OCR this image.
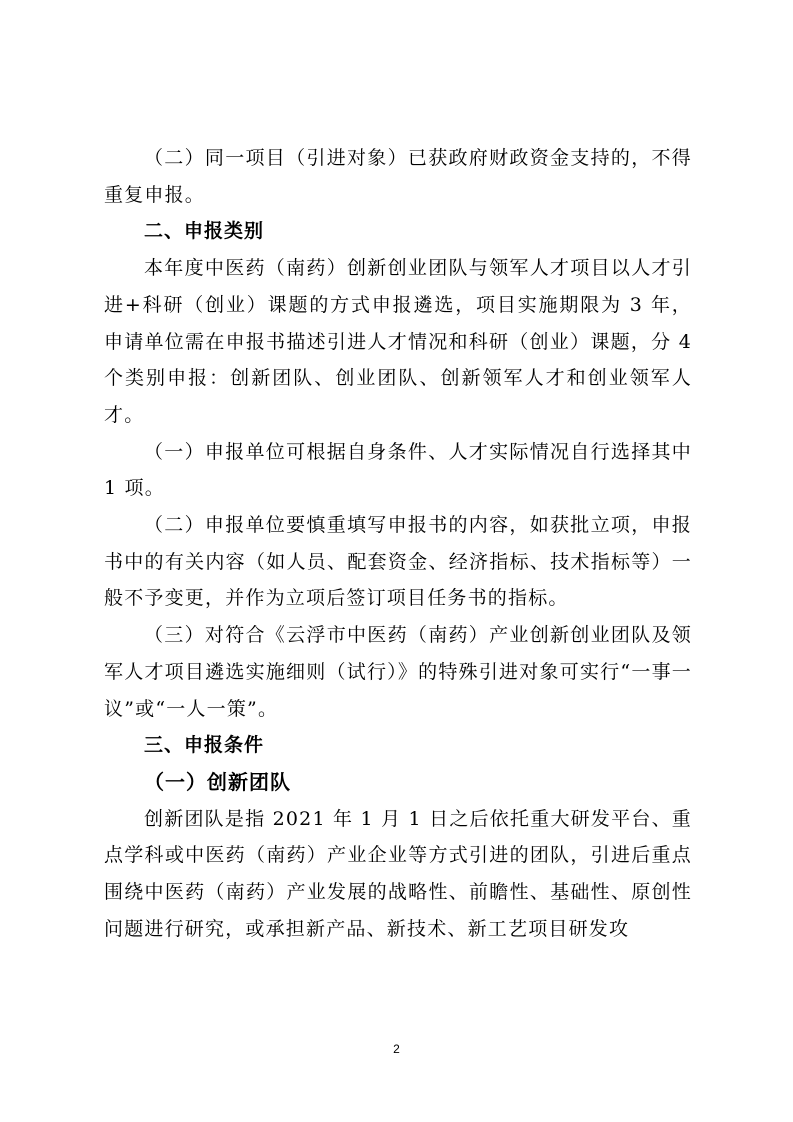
（二）同一项目（引进对象）已获政府财政资金支持的，不得重复申报。

二、申报类别

本年度中医药（南药）创新创业团队与领军人才项目以人才引进+科研（创业）课题的方式申报遴选，项目实施期限为 3 年，申请单位需在申报书描述引进人才情况和科研（创业）课题，分 4 个类别申报：创新团队、创业团队、创新领军人才和创业领军人才。

（一）申报单位可根据自身条件、人才实际情况自行选择其中 1 项。

（二）申报单位要慎重填写申报书的内容，如获批立项，申报书中的有关内容（如人员、配套资金、经济指标、技术指标等）一般不予变更，并作为立项后签订项目任务书的指标。

（三）对符合《云浮市中医药（南药）产业创新创业团队及领军人才项目遴选实施细则（试行）》的特殊引进对象可实行“一事一议”或“一人一策”。

三、申报条件

（一）创新团队

创新团队是指 2021 年 1 月 1 日之后依托重大研发平台、重点学科或中医药（南药）产业企业等方式引进的团队，引进后重点围绕中医药（南药）产业发展的战略性、前瞻性、基础性、原创性问题进行研究，或承担新产品、新技术、新工艺项目研发攻

2
